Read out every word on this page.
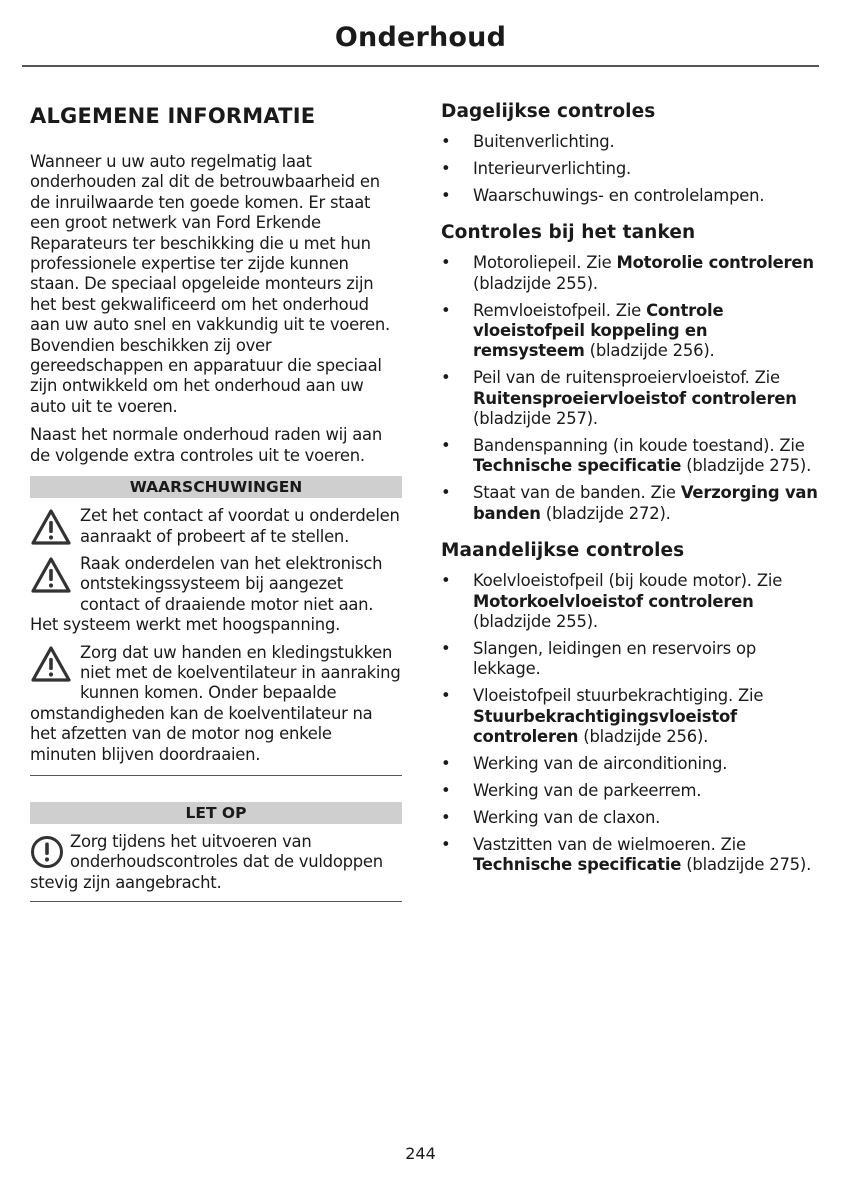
Onderhoud
ALGEMENE INFORMATIE

Wanneer u uw auto regelmatig laat onderhouden zal dit de betrouwbaarheid en de inruilwaarde ten goede komen. Er staat een groot netwerk van Ford Erkende Reparateurs ter beschikking die u met hun professionele expertise ter zijde kunnen staan. De speciaal opgeleide monteurs zijn het best gekwalificeerd om het onderhoud aan uw auto snel en vakkundig uit te voeren. Bovendien beschikken zij over gereedschappen en apparatuur die speciaal zijn ontwikkeld om het onderhoud aan uw auto uit te voeren.

Naast het normale onderhoud raden wij aan de volgende extra controles uit te voeren.

WAARSCHUWINGEN
Zet het contact af voordat u onderdelen aanraakt of probeert af te stellen.
Raak onderdelen van het elektronisch ontstekingssysteem bij aangezet contact of draaiende motor niet aan. Het systeem werkt met hoogspanning.
Zorg dat uw handen en kledingstukken niet met de koelventilateur in aanraking kunnen komen. Onder bepaalde omstandigheden kan de koelventilateur na het afzetten van de motor nog enkele minuten blijven doordraaien.
LET OP
Zorg tijdens het uitvoeren van onderhoudscontroles dat de vuldoppen stevig zijn aangebracht.
Dagelijkse controles
• Buitenverlichting.
• Interieurverlichting.
• Waarschuwings- en controlelampen.
Controles bij het tanken
• Motoroliepeil. Zie Motorolie controleren (bladzijde 255).
• Remvloeistofpeil. Zie Controle vloeistofpeil koppeling en remsysteem (bladzijde 256).
• Peil van de ruitensproeiervloeistof. Zie Ruitensproeiervloeistof controleren (bladzijde 257).
• Bandenspanning (in koude toestand). Zie Technische specificatie (bladzijde 275).
• Staat van de banden. Zie Verzorging van banden (bladzijde 272).
Maandelijkse controles
• Koelvloeistofpeil (bij koude motor). Zie Motorkoelvloeistof controleren (bladzijde 255).
• Slangen, leidingen en reservoirs op lekkage.
• Vloeistofpeil stuurbekrachtiging. Zie Stuurbekrachtigingsvloeistof controleren (bladzijde 256).
• Werking van de airconditioning.
• Werking van de parkeerrem.
• Werking van de claxon.
• Vastzitten van de wielmoeren. Zie Technische specificatie (bladzijde 275).
244
